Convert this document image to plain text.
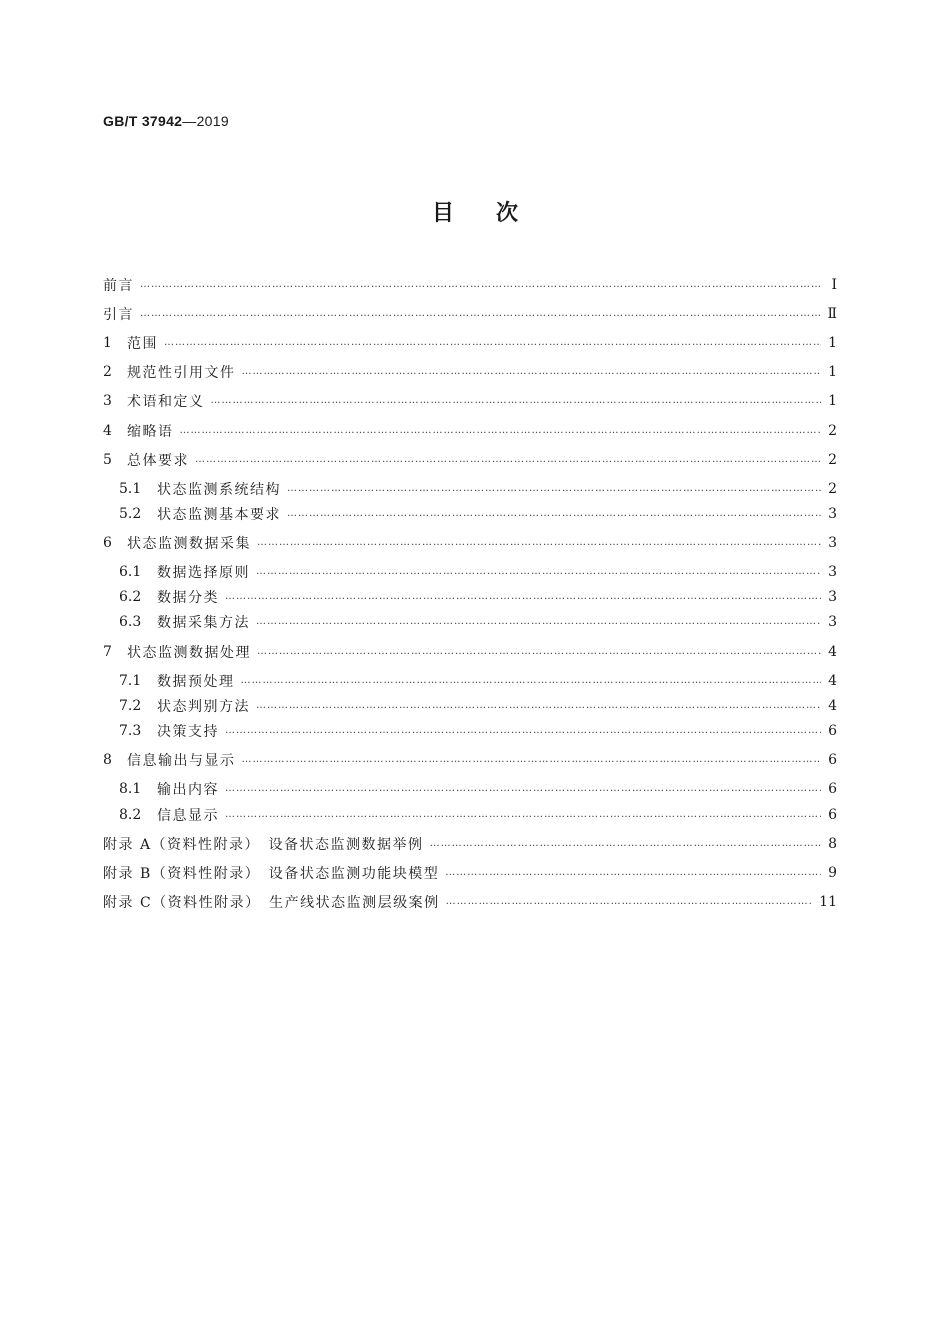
GB/T 37942—2019
目次
前言 …………………………………………………………………………………………………………………………………………………………………………………………………………………………	Ⅰ
引言 …………………………………………………………………………………………………………………………………………………………………………………………………………………………	Ⅱ
1	范围 …………………………………………………………………………………………………………………………………………………………………………………………………………………………	1
2	规范性引用文件 …………………………………………………………………………………………………………………………………………………………………………………………………………………………	1
3	术语和定义 …………………………………………………………………………………………………………………………………………………………………………………………………………………………	1
4	缩略语 …………………………………………………………………………………………………………………………………………………………………………………………………………………………	2
5	总体要求 …………………………………………………………………………………………………………………………………………………………………………………………………………………………	2
5.1	状态监测系统结构 …………………………………………………………………………………………………………………………………………………………………………………………………………………………	2
5.2	状态监测基本要求 …………………………………………………………………………………………………………………………………………………………………………………………………………………………	3
6	状态监测数据采集 …………………………………………………………………………………………………………………………………………………………………………………………………………………………	3
6.1	数据选择原则 …………………………………………………………………………………………………………………………………………………………………………………………………………………………	3
6.2	数据分类 …………………………………………………………………………………………………………………………………………………………………………………………………………………………	3
6.3	数据采集方法 …………………………………………………………………………………………………………………………………………………………………………………………………………………………	3
7	状态监测数据处理 …………………………………………………………………………………………………………………………………………………………………………………………………………………………	4
7.1	数据预处理 …………………………………………………………………………………………………………………………………………………………………………………………………………………………	4
7.2	状态判别方法 …………………………………………………………………………………………………………………………………………………………………………………………………………………………	4
7.3	决策支持 …………………………………………………………………………………………………………………………………………………………………………………………………………………………	6
8	信息输出与显示 …………………………………………………………………………………………………………………………………………………………………………………………………………………………	6
8.1	输出内容 …………………………………………………………………………………………………………………………………………………………………………………………………………………………	6
8.2	信息显示 …………………………………………………………………………………………………………………………………………………………………………………………………………………………	6
附录 A（资料性附录）　设备状态监测数据举例 …………………………………………………………………………………………………………………………………………………………………………………………………………………………	8
附录 B（资料性附录）　设备状态监测功能块模型 …………………………………………………………………………………………………………………………………………………………………………………………………………………………	9
附录 C（资料性附录）　生产线状态监测层级案例 …………………………………………………………………………………………………………………………………………………………………………………………………………………………	11
